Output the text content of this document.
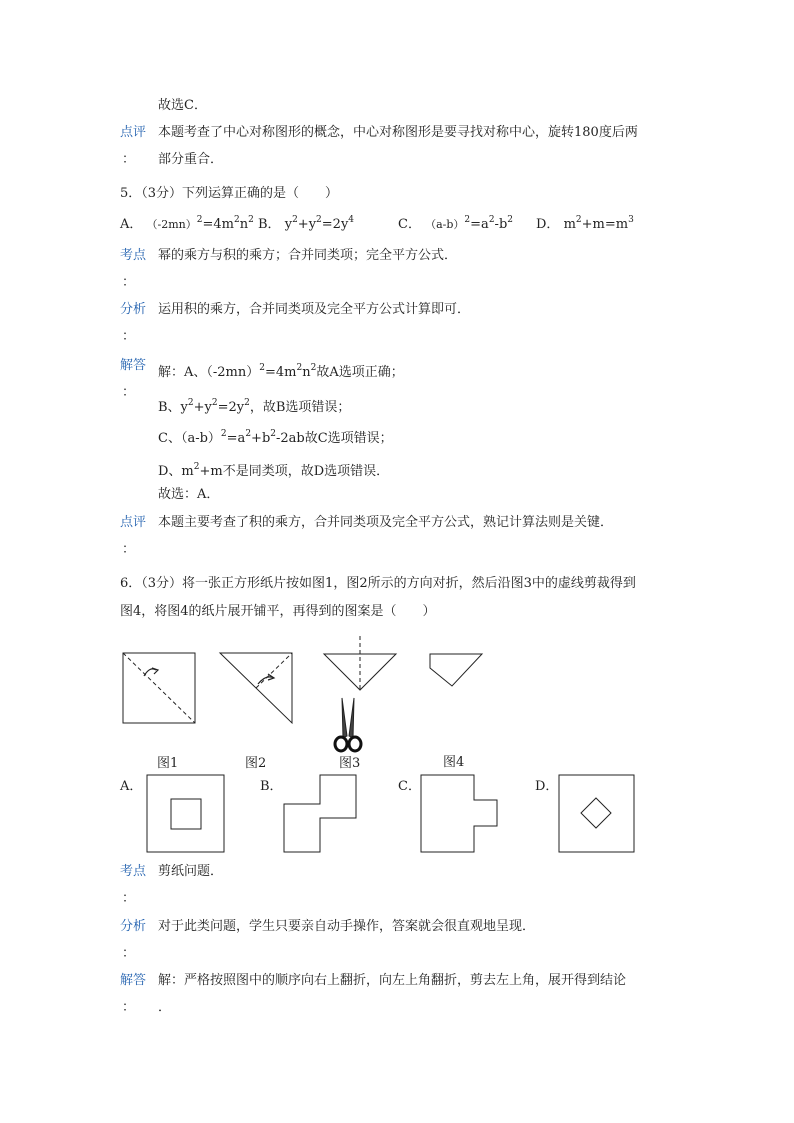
故选C．
点评 本题考查了中心对称图形的概念，中心对称图形是要寻找对称中心，旋转180度后两
： 部分重合．
5．（3分）下列运算正确的是（　　）
A． $(-2mn)^2=4m^2n^2$ B． $y^2+y^2=2y^4$	C． $(a-b)^2=a^2-b^2$ D． $m^2+m=m^3$
考点 幂的乘方与积的乘方；合并同类项；完全平方公式．
：
分析 运用积的乘方，合并同类项及完全平方公式计算即可．
：
解答 解：A、$(-2mn)^2=4m^2n^2$故A选项正确；
：
B、$y^2+y^2=2y^2$，故B选项错误；
C、$(a-b)^2=a^2+b^2-2ab$故C选项错误；
D、$m^2+m$不是同类项，故D选项错误．
故选：A．
点评 本题主要考查了积的乘方，合并同类项及完全平方公式，熟记计算法则是关键．
：
6．（3分）将一张正方形纸片按如图1，图2所示的方向对折，然后沿图3中的虚线剪裁得到
图4，将图4的纸片展开铺平，再得到的图案是（　　）
图1	图2	图3	图4
A．	B．	C．	D．
考点 剪纸问题．
：
分析 对于此类问题，学生只要亲自动手操作，答案就会很直观地呈现．
：
解答 解：严格按照图中的顺序向右上翻折，向左上角翻折，剪去左上角，展开得到结论
： ．
